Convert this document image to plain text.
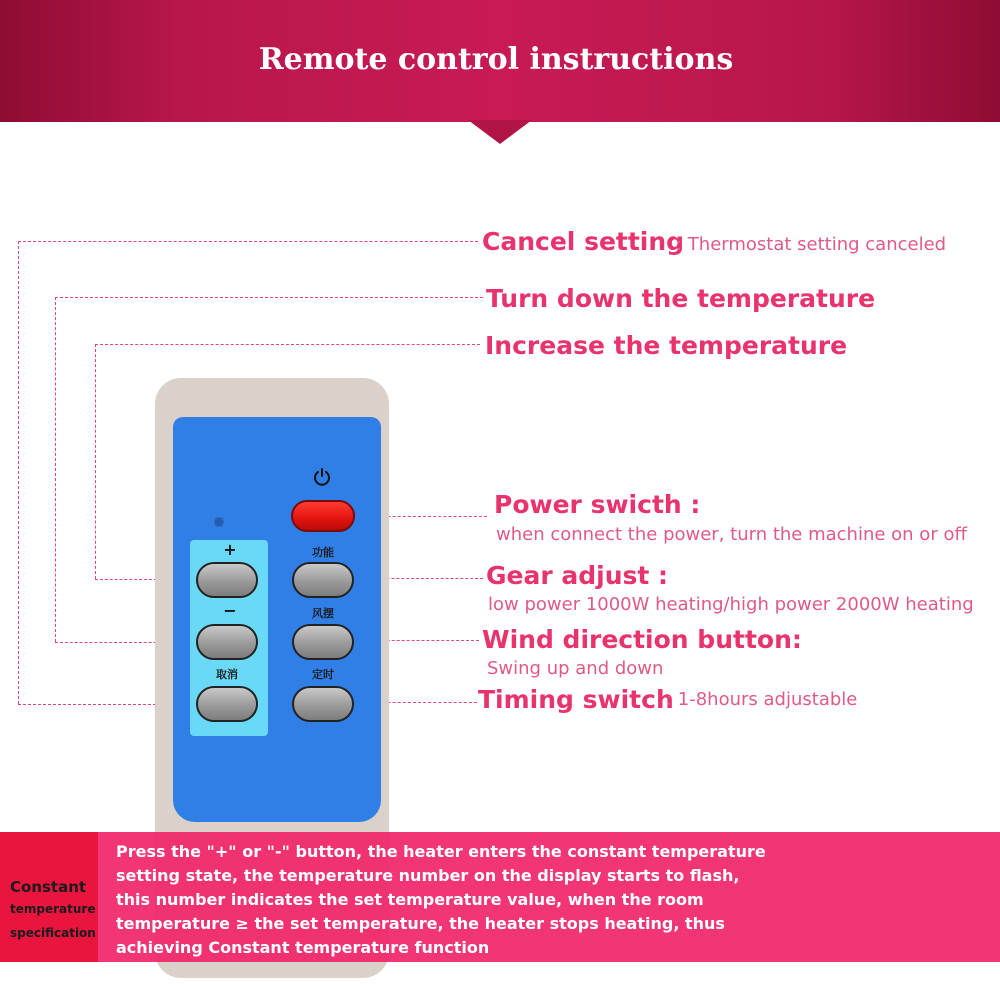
Remote control instructions
Cancel setting
: Thermostat setting canceled
Turn down the temperature
Increase the temperature
Power swicth :
when connect the power, turn the machine on or off
Gear adjust :
low power 1000W heating/high power 2000W heating
Wind direction button:
Swing up and down
Timing switch
: 1-8hours adjustable
+
−
取消
功能
风摆
定时
Constant
temperature
specification
Press the "+" or "-" button, the heater enters the constant temperature
setting state, the temperature number on the display starts to flash,
this number indicates the set temperature value, when the room
temperature ≥ the set temperature, the heater stops heating, thus
achieving Constant temperature function
